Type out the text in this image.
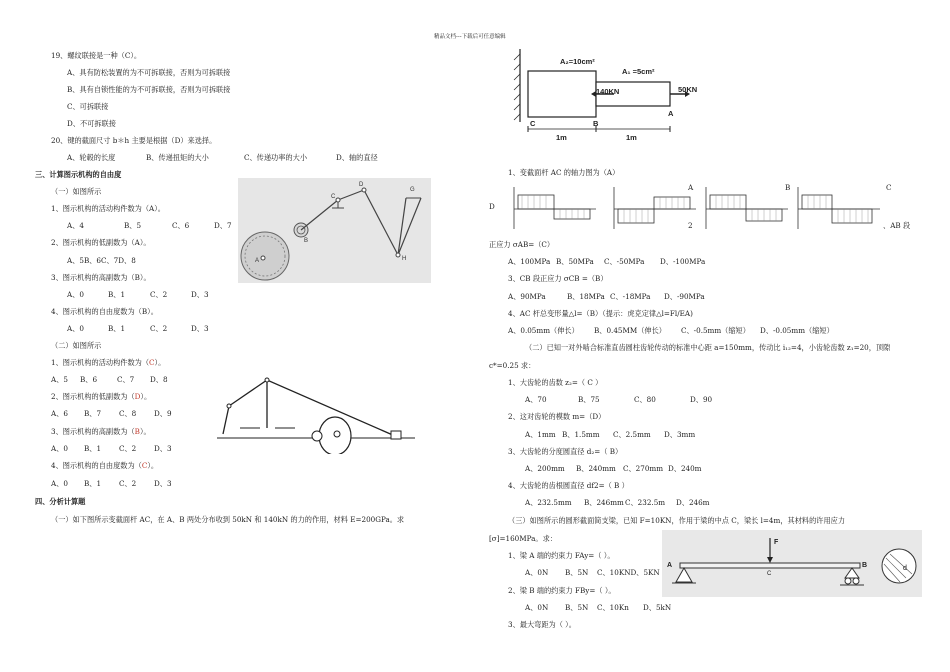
精品文档---下载后可任意编辑
19、螺纹联接是一种（C）。
A、具有防松装置的为不可拆联接，否则为可拆联接
B、具有自锁性能的为不可拆联接，否则为可拆联接
C、可拆联接
D、不可拆联接
20、键的截面尺寸 b＊h 主要是根据（D）来选择。
A、轮毂的长度	B、传递扭矩的大小	C、传递功率的大小	D、轴的直径
三、计算图示机构的自由度
（一）如图所示
1、图示机构的活动构件数为（A）。
A、4	B、5	C、6	D、7
2、图示机构的低副数为（A）。
A、5B、6C、7D、8
3、图示机构的高副数为（B）。
A、0	B、1	C、2	D、3
4、图示机构的自由度数为（B）。
A、0	B、1	C、2	D、3
（二）如图所示
1、图示机构的活动构件数为（C）。
A、5 B、6	C、7 D、8
2、图示机构的低副数为（D）。
A、6 B、7 C、8 D、9
3、图示机构的高副数为（B）。
A、0 B、1 C、2 D、3
4、图示机构的自由度数为（C）。
A、0 B、1 C、2 D、3
四、分析计算题
（一）如下图所示变截面杆 AC，在 A、B 两处分布收到 50kN 和 140kN 的力的作用，材料 E=200GPa。求
A
B
C
D
G
H
A₂=10cm²
A₁ =5cm²
140KN	50KN
C	B
A
1m	1m
1、变截面杆 AC 的轴力图为（A）
A	B	C
D
2	、AB 段
正应力 σAB=（C）
A、100MPa B、50MPa C、-50MPa D、-100MPa
3、CB 段正应力 σCB =（B）
A、90MPa	B、18MPa C、-18MPa D、-90MPa
4、AC 杆总变形量△l=（B）（提示：虎克定律△l=Fl/EA)
A、0.05mm（伸长） B、0.45MM（伸长） C、-0.5mm（缩短） D、-0.05mm（缩短）
（二）已知一对外啮合标准直齿圆柱齿轮传动的标准中心距 a=150mm，传动比 i₁₂=4，小齿轮齿数 z₁=20，顶隙
c*=0.25 求：
1、大齿轮的齿数 z₂=（ C ）
A、70	B、75	C、80	D、90
2、这对齿轮的模数 m=（D）
A、1mm B、1.5mm C、2.5mm D、3mm
3、大齿轮的分度圆直径 d₂=（ B）
A、200mm B、240mm C、270mm D、240m
4、大齿轮的齿根圆直径 df2=（ B ）
A、232.5mm B、246mm C、232.5m D、246m
（三）如图所示的圆形截面简支梁，已知 F=10KN，作用于梁的中点 C，梁长 l=4m，其材料的许用应力
[σ]=160MPa。求：
1、梁 A 端的约束力 FAy=（ ）。
A、0N B、5N C、10KND、5KN
2、梁 B 端的约束力 FBy=（ ）。
A、0N B、5N C、10Kn D、5kN
3、最大弯距为（ ）。
F
A
C
B	d
